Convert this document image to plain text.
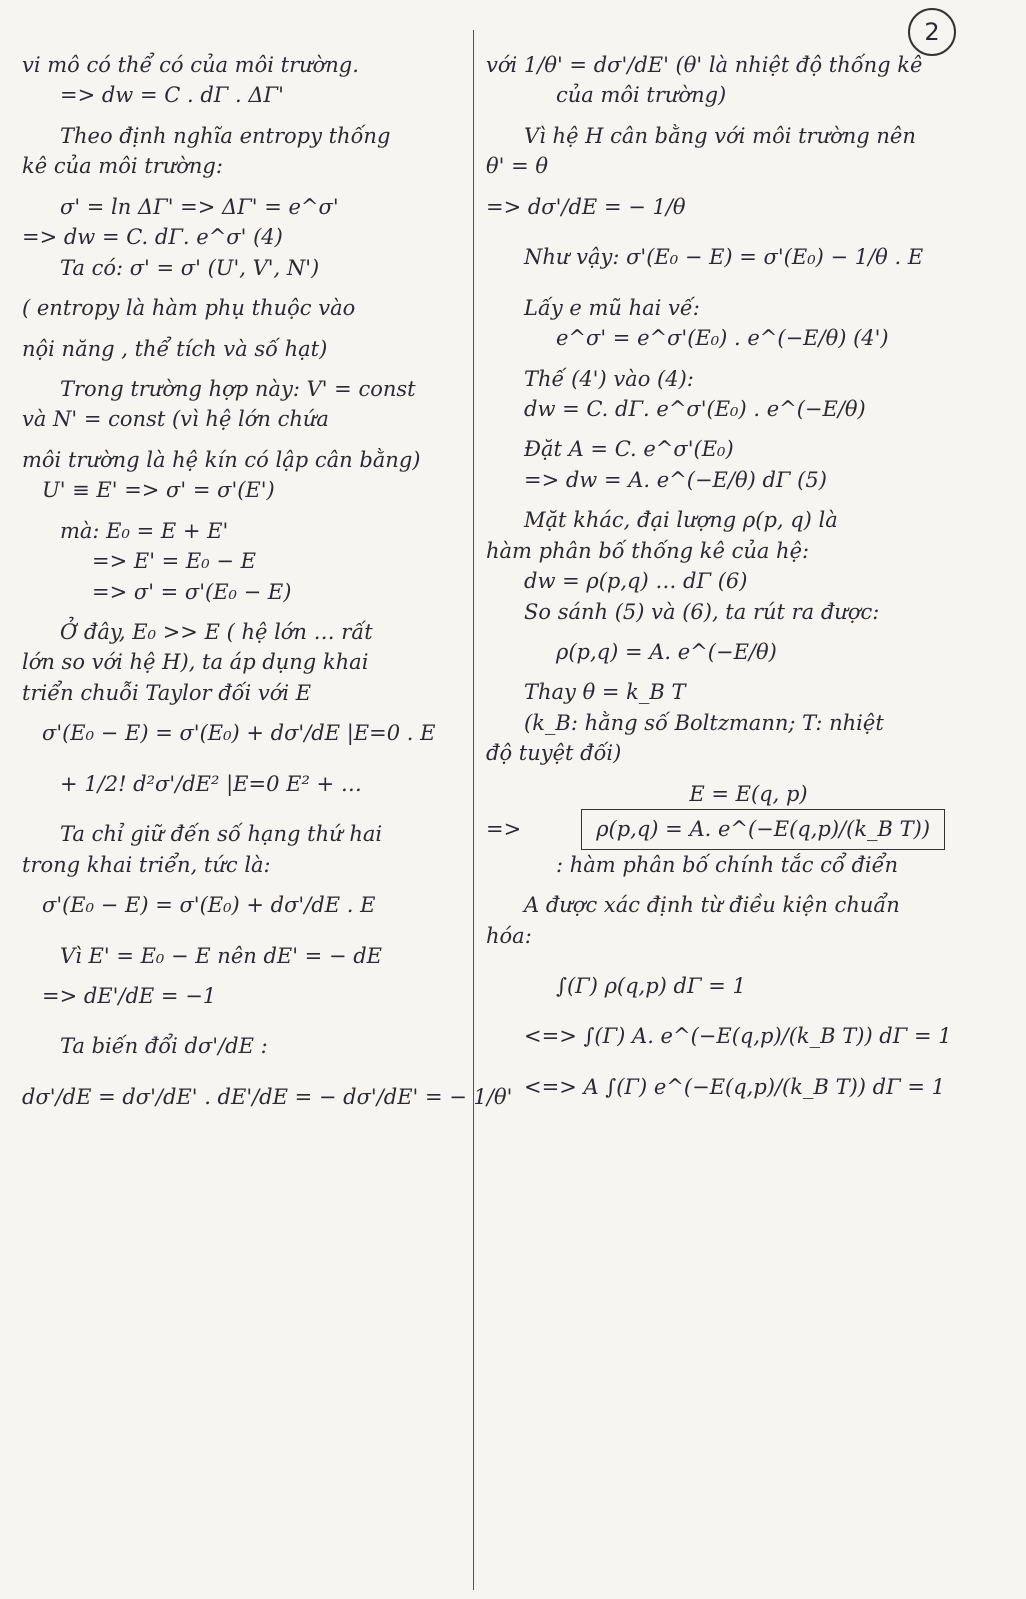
2

vi mô có thể có của môi trường.

=> dw = C . dΓ . ΔΓ'

Theo định nghĩa entropy thống

kê của môi trường:

σ' = ln ΔΓ' => ΔΓ' = e^σ'

=> dw = C. dΓ. e^σ' (4)

Ta có: σ' = σ' (U', V', N')

( entropy là hàm phụ thuộc vào

nội năng , thể tích và số hạt)

Trong trường hợp này: V' = const

và N' = const (vì hệ lớn chứa

môi trường là hệ kín có lập cân bằng)

U' ≡ E' => σ' = σ'(E')

mà: E₀ = E + E'

=> E' = E₀ − E

=> σ' = σ'(E₀ − E)

Ở đây, E₀ >> E ( hệ lớn … rất

lớn so với hệ H), ta áp dụng khai

triển chuỗi Taylor đối với E

σ'(E₀ − E) = σ'(E₀) + dσ'/dE |E=0 . E

+ 1/2! d²σ'/dE² |E=0 E² + …

Ta chỉ giữ đến số hạng thứ hai

trong khai triển, tức là:

σ'(E₀ − E) = σ'(E₀) + dσ'/dE . E

Vì E' = E₀ − E nên dE' = − dE

=> dE'/dE = −1

Ta biến đổi dσ'/dE :

dσ'/dE = dσ'/dE' . dE'/dE = − dσ'/dE' = − 1/θ'

với 1/θ' = dσ'/dE' (θ' là nhiệt độ thống kê

của môi trường)

Vì hệ H cân bằng với môi trường nên

θ' = θ

=> dσ'/dE = − 1/θ

Như vậy: σ'(E₀ − E) = σ'(E₀) − 1/θ . E

Lấy e mũ hai vế:

e^σ' = e^σ'(E₀) . e^(−E/θ) (4')

Thế (4') vào (4):

dw = C. dΓ. e^σ'(E₀) . e^(−E/θ)

Đặt A = C. e^σ'(E₀)

=> dw = A. e^(−E/θ) dΓ (5)

Mặt khác, đại lượng ρ(p, q) là

hàm phân bố thống kê của hệ:

dw = ρ(p,q) … dΓ (6)

So sánh (5) và (6), ta rút ra được:

ρ(p,q) = A. e^(−E/θ)

Thay θ = k_B T

(k_B: hằng số Boltzmann; T: nhiệt

độ tuyệt đối)

E = E(q, p)

=>	ρ(p,q) = A. e^(−E(q,p)/(k_B T))

: hàm phân bố chính tắc cổ điển

A được xác định từ điều kiện chuẩn

hóa:

∫(Γ) ρ(q,p) dΓ = 1

<=> ∫(Γ) A. e^(−E(q,p)/(k_B T)) dΓ = 1

<=> A ∫(Γ) e^(−E(q,p)/(k_B T)) dΓ = 1
